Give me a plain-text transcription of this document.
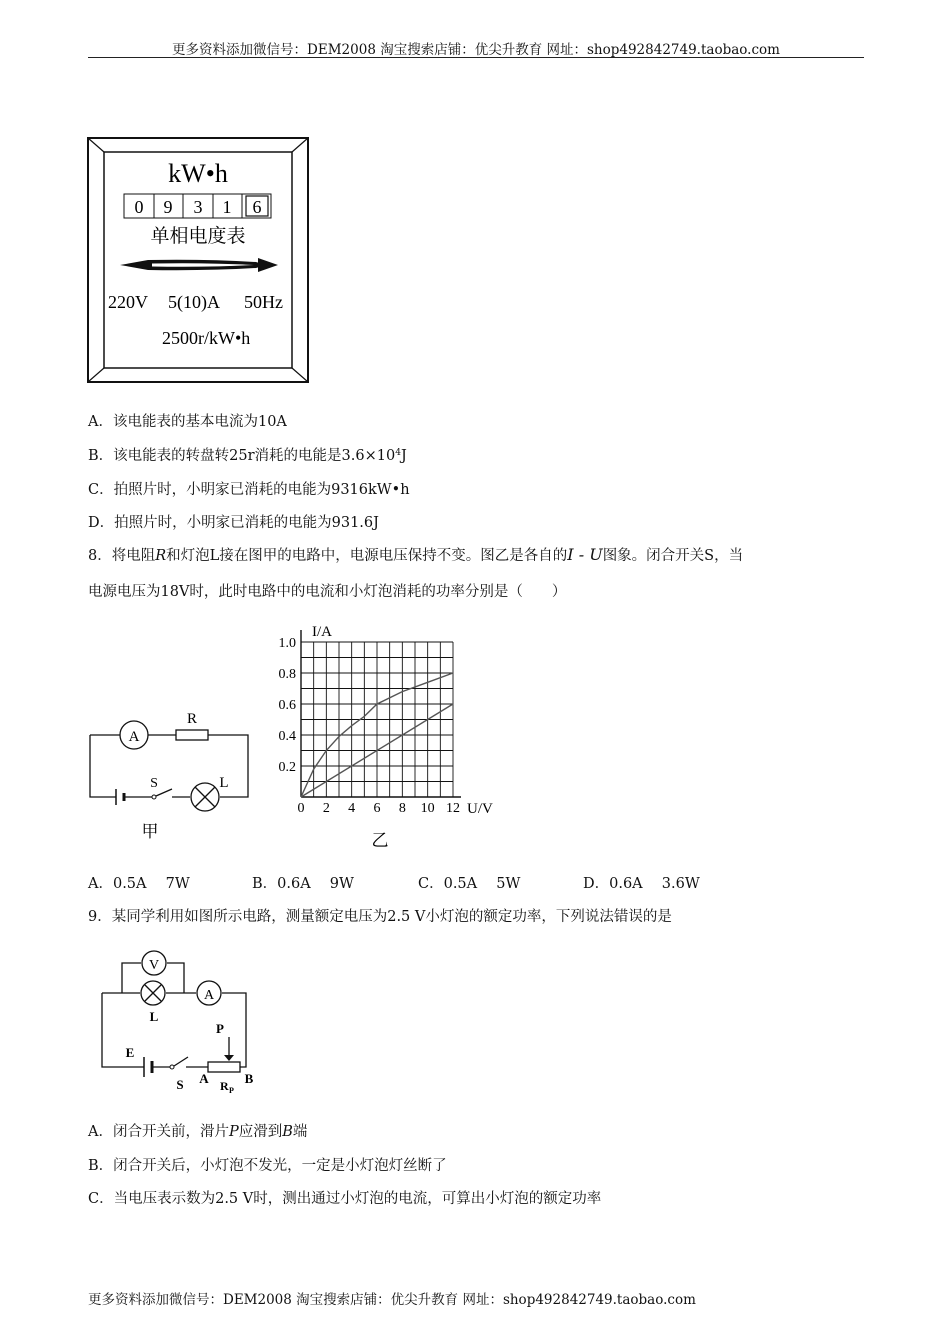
更多资料添加微信号：DEM2008 淘宝搜索店铺：优尖升教育 网址：shop492842749.taobao.com
kW•h
0 9 3 1 6
单相电度表
220V 5(10)A 50Hz
2500r/kW•h
A．该电能表的基本电流为10A
B．该电能表的转盘转25r消耗的电能是$3.6\times 10^4J$
C．拍照片时，小明家已消耗的电能为9316kW•h
D．拍照片时，小明家已消耗的电能为931.6J
8．将电阻R和灯泡L接在图甲的电路中，电源电压保持不变。图乙是各自的I - U图象。闭合开关S，当
电源电压为18V时，此时电路中的电流和小灯泡消耗的功率分别是（　　）
A
R
S	L
甲
0 2 4 6 8 10 12
0.2
0.4
0.6
0.8
1.0
I/A
U/V
乙
A．0.5A　 7W	B．0.6A　 9W	C．0.5A　 5W	D．0.6A　 3.6W
9．某同学利用如图所示电路，测量额定电压为2.5 V小灯泡的额定功率，下列说法错误的是
V
L
A
E
S
P
A	B
R P
A．闭合开关前，滑片P应滑到B端
B．闭合开关后，小灯泡不发光，一定是小灯泡灯丝断了
C．当电压表示数为2.5 V时，测出通过小灯泡的电流，可算出小灯泡的额定功率
更多资料添加微信号：DEM2008 淘宝搜索店铺：优尖升教育 网址：shop492842749.taobao.com
